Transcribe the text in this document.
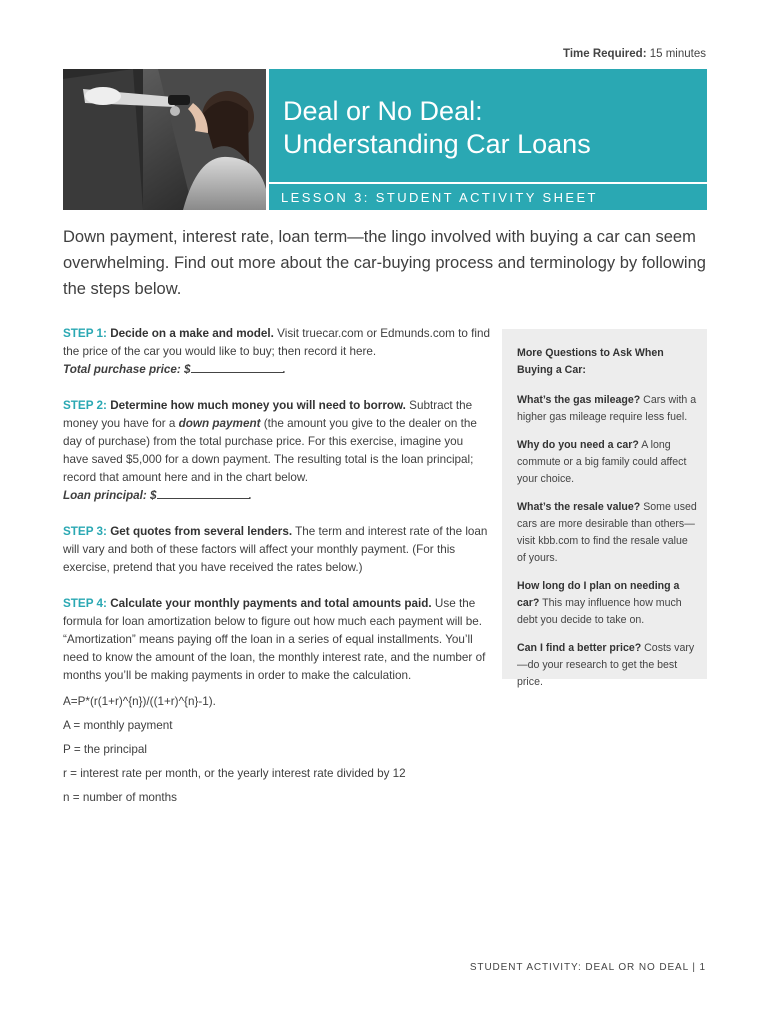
Time Required: 15 minutes
Deal or No Deal:
Understanding Car Loans
LESSON 3: STUDENT ACTIVITY SHEET

Down payment, interest rate, loan term—the lingo involved with buying a car can seem overwhelming. Find out more about the car-buying process and terminology by following the steps below.

STEP 1: Decide on a make and model. Visit truecar.com or Edmunds.com to find the price of the car you would like to buy; then record it here.
Total purchase price: $	.

STEP 2: Determine how much money you will need to borrow. Subtract the money you have for a down payment (the amount you give to the dealer on the day of purchase) from the total purchase price. For this exercise, imagine you have saved $5,000 for a down payment. The resulting total is the loan principal; record that amount here and in the chart below.
Loan principal: $	.

STEP 3: Get quotes from several lenders. The term and interest rate of the loan will vary and both of these factors will affect your monthly payment. (For this exercise, pretend that you have received the rates below.)

STEP 4: Calculate your monthly payments and total amounts paid. Use the formula for loan amortization below to figure out how much each payment will be. “Amortization” means paying off the loan in a series of equal installments. You’ll need to know the amount of the loan, the monthly interest rate, and the number of months you’ll be making payments in order to make the calculation.

A=P*(r(1+r)^{n})/((1+r)^{n}-1).
A = monthly payment
P = the principal
r = interest rate per month, or the yearly interest rate divided by 12
n = number of months
More Questions to Ask When Buying a Car:
What’s the gas mileage? Cars with a higher gas mileage require less fuel.
Why do you need a car? A long commute or a big family could affect your choice.
What’s the resale value? Some used cars are more desirable than others—visit kbb.com to find the resale value of yours.
How long do I plan on needing a car? This may influence how much debt you decide to take on.
Can I find a better price? Costs vary—do your research to get the best price.
STUDENT ACTIVITY: DEAL OR NO DEAL | 1
